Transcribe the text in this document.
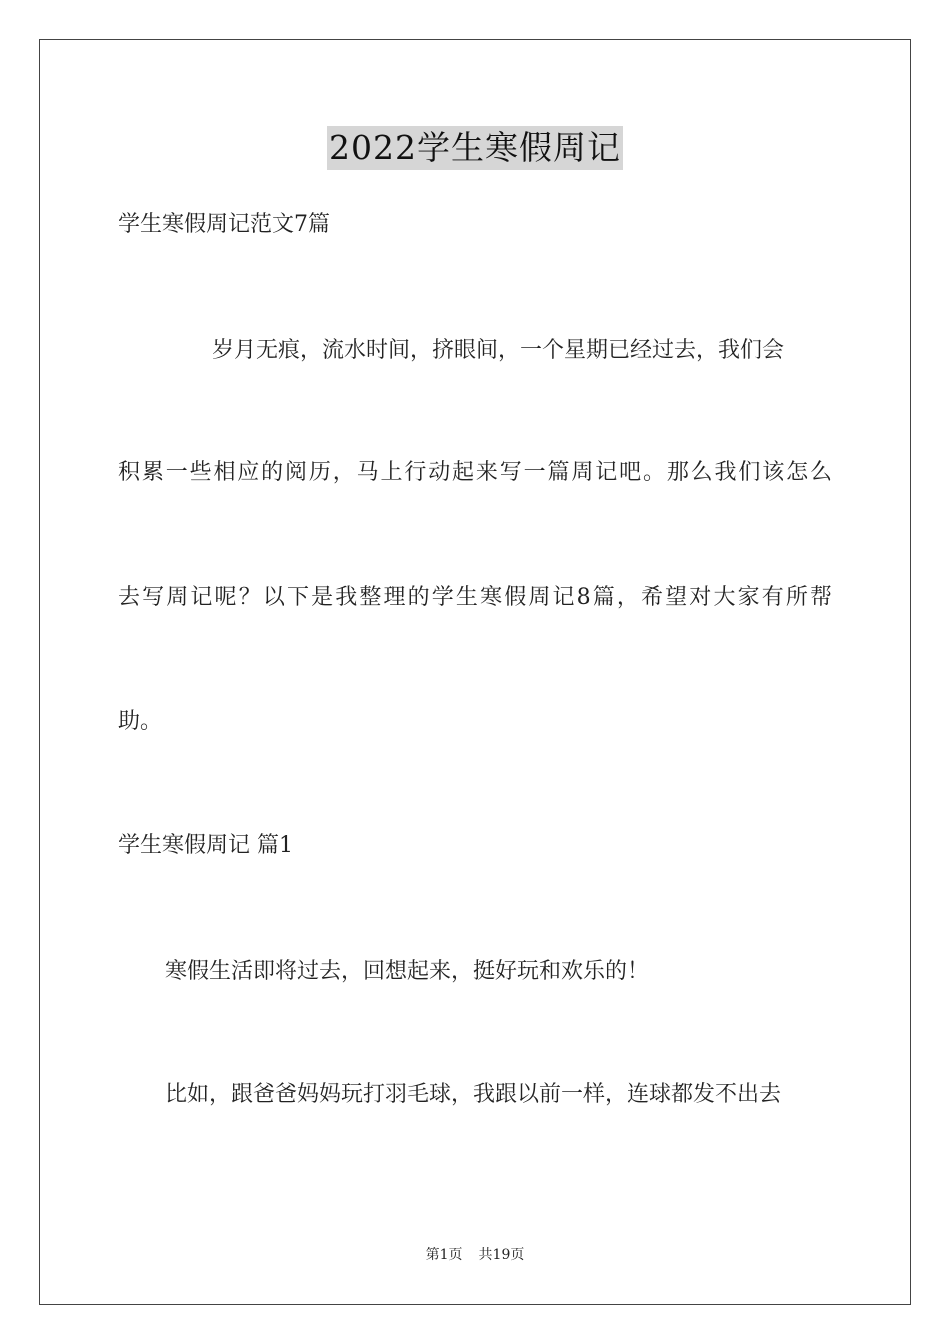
2022学生寒假周记
学生寒假周记范文7篇
岁月无痕，流水时间，挤眼间，一个星期已经过去，我们会
积累一些相应的阅历，马上行动起来写一篇周记吧。那么我们该怎么
去写周记呢？以下是我整理的学生寒假周记8篇，希望对大家有所帮
助。
学生寒假周记 篇1
寒假生活即将过去，回想起来，挺好玩和欢乐的！
比如，跟爸爸妈妈玩打羽毛球，我跟以前一样，连球都发不出去
第1页 共19页
